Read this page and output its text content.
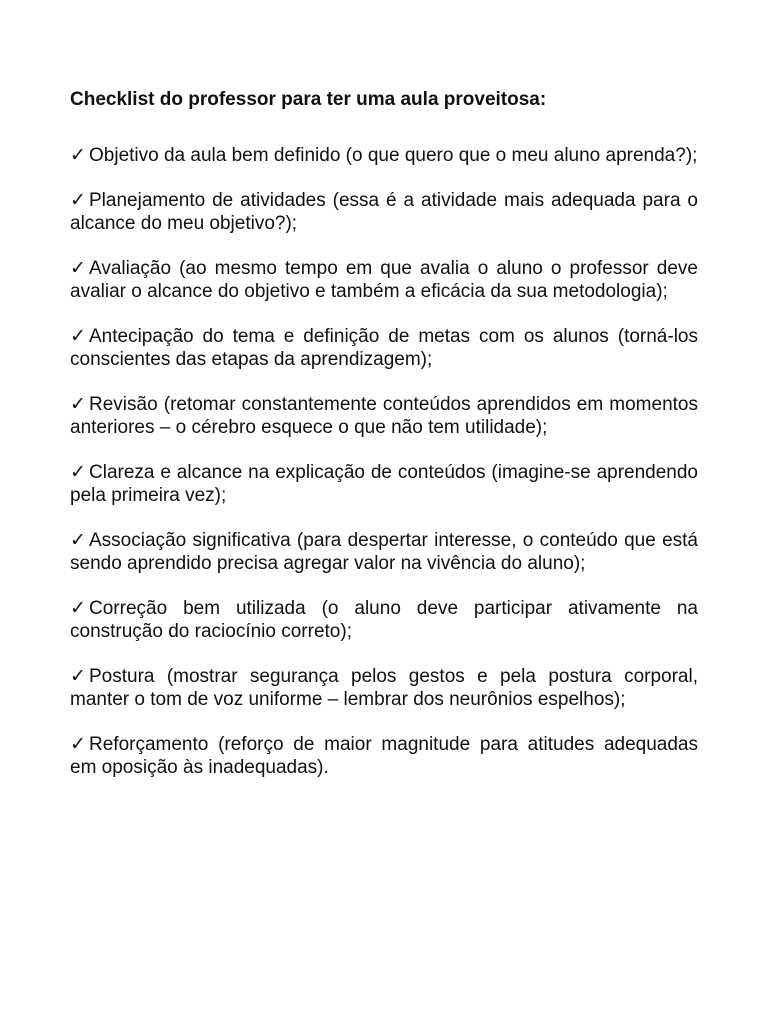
Checklist do professor para ter uma aula proveitosa:
✓ Objetivo da aula bem definido (o que quero que o meu aluno aprenda?);
✓ Planejamento de atividades (essa é a atividade mais adequada para o alcance do meu objetivo?);
✓ Avaliação (ao mesmo tempo em que avalia o aluno o professor deve avaliar o alcance do objetivo e também a eficácia da sua metodologia);
✓ Antecipação do tema e definição de metas com os alunos (torná-los conscientes das etapas da aprendizagem);
✓ Revisão (retomar constantemente conteúdos aprendidos em momentos anteriores – o cérebro esquece o que não tem utilidade);
✓ Clareza e alcance na explicação de conteúdos (imagine-se aprendendo pela primeira vez);
✓ Associação significativa (para despertar interesse, o conteúdo que está sendo aprendido precisa agregar valor na vivência do aluno);
✓ Correção bem utilizada (o aluno deve participar ativamente na construção do raciocínio correto);
✓ Postura (mostrar segurança pelos gestos e pela postura corporal, manter o tom de voz uniforme – lembrar dos neurônios espelhos);
✓ Reforçamento (reforço de maior magnitude para atitudes adequadas em oposição às inadequadas).
